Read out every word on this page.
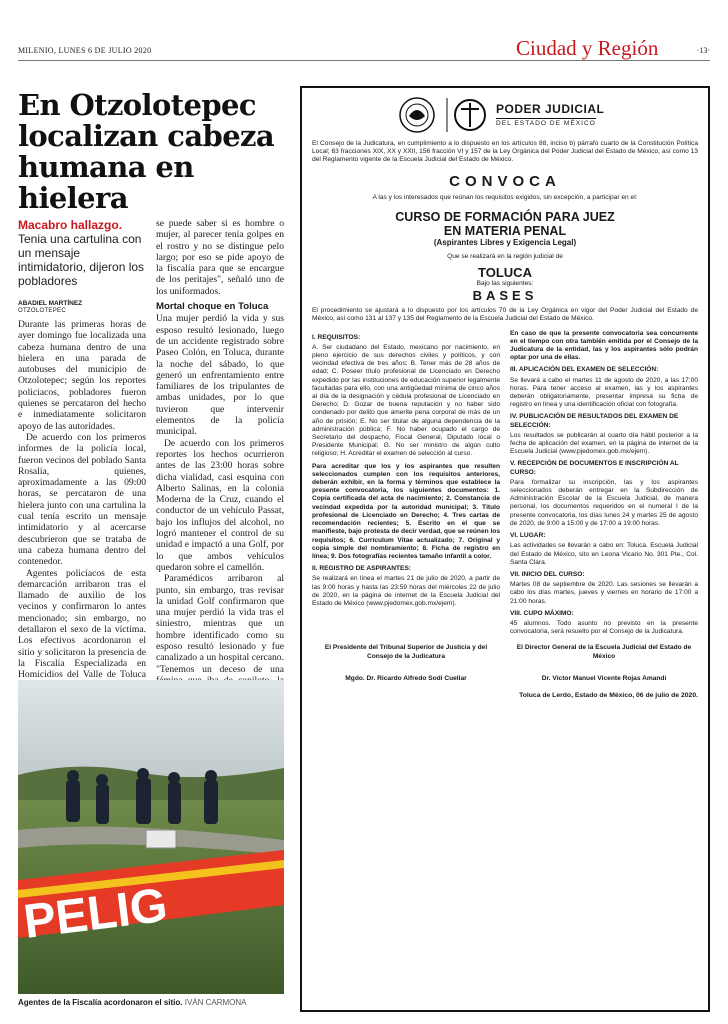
MILENIO, LUNES 6 DE JULIO 2020	Ciudad y Región	·13·
En Otzolotepec localizan cabeza humana en hielera
Macabro hallazgo.
Tenia una cartulina con un mensaje intimidatorio, dijeron los pobladores
ABADIEL MARTÍNEZ
OTZOLOTEPEC

Durante las primeras horas de ayer domingo fue localizada una cabeza humana dentro de una hielera en una parada de autobuses del municipio de Otzolotepec; según los reportes policiacos, pobladores fueron quienes se percataron del hecho e inmediatamente solicitaron apoyo de las autoridades.

De acuerdo con los primeros informes de la policía local, fueron vecinos del poblado Santa Rosalía, quienes, aproximadamente a las 09:00 horas, se percataron de una hielera junto con una cartulina la cual tenía escrito un mensaje intimidatorio y al acercarse descubrieron que se trataba de una cabeza humana dentro del contenedor.

Agentes policíacos de esta demarcación arribaron tras el llamado de auxilio de los vecinos y confirmaron lo antes mencionado; sin embargo, no detallaron el sexo de la víctima. Los efectivos acordonaron el sitio y solicitaron la presencia de la Fiscalía Especializada en Homicidios del Valle de Toluca

se puede saber si es hombre o mujer, al parecer tenía golpes en el rostro y no se distingue pelo largo; por eso se pide apoyo de la fiscalía para que se encargue de los peritajes", señaló uno de los uniformados.

Mortal choque en Toluca

Una mujer perdió la vida y sus esposo resultó lesionado, luego de un accidente registrado sobre Paseo Colón, en Toluca, durante la noche del sábado, lo que generó un enfrentamiento entre familiares de los tripulantes de ambas unidades, por lo que tuvieron que intervenir elementos de la policía municipal.

De acuerdo con los primeros reportes los hechos ocurrieron antes de las 23:00 horas sobre dicha vialidad, casi esquina con Alberto Salinas, en la colonia Moderna de la Cruz, cuando el conductor de un vehículo Passat, bajo los influjos del alcohol, no logró mantener el control de su unidad e impactó a una Golf, por lo que ambos vehículos quedaron sobre el camellón.

Paramédicos arribaron al punto, sin embargo, tras revisar la unidad Golf confirmaron que una mujer perdió la vida tras el siniestro, mientras que un hombre identificado como su esposo resultó lesionado y fue canalizado a un hospital cercano. "Tenemos un deceso de una

PELIG
Agentes de la Fiscalía acordonaron el sitio. IVÁN CARMONA
PODER JUDICIAL
DEL ESTADO DE MÉXICO

El Consejo de la Judicatura, en cumplimiento a lo dispuesto en los artículos 88, inciso b) párrafo cuarto de la Constitución Política Local; 63 fracciones XIX, XX y XXII, 156 fracción VI y 157 de la Ley Orgánica del Poder Judicial del Estado de México, así como 13 del Reglamento vigente de la Escuela Judicial del Estado de México.

CONVOCA

A las y los interesados que reúnan los requisitos exigidos, sin excepción, a participar en el:

CURSO DE FORMACIÓN PARA JUEZ
EN MATERIA PENAL
(Aspirantes Libres y Exigencia Legal)

Que se realizará en la región judicial de

TOLUCA

Bajo las siguientes:

BASES

El procedimiento se ajustará a lo dispuesto por los artículos 70 de la Ley Orgánica en vigor del Poder Judicial del Estado de México, así como 131 al 137 y 135 del Reglamento de la Escuela Judicial del Estado de México.

I. REQUISITOS:

A. Ser ciudadano del Estado, mexicano por nacimiento, en pleno ejercicio de sus derechos civiles y políticos, y con vecindad efectiva de tres años; B. Tener más de 28 años de edad; C. Poseer título profesional de Licenciado en Derecho expedido por las instituciones de educación superior legalmente facultadas para ello, con una antigüedad mínima de cinco años al día de la designación y cédula profesional de Licenciado en Derecho; D. Gozar de buena reputación y no haber sido condenado por delito que amerite pena corporal de más de un año de prisión; E. No ser titular de alguna dependencia de la administración pública; F. No haber ocupado el cargo de Secretario del despacho, Fiscal General, Diputado local o Presidente Municipal; G. No ser ministro de algún culto religioso; H. Acreditar el examen de selección al curso.

Para acreditar que los y los aspirantes que resulten seleccionados cumplen con los requisitos anteriores, deberán exhibir, en la forma y términos que establece la presente convocatoria, los siguientes documentos: 1. Copia certificada del acta de nacimiento; 2. Constancia de vecindad expedida por la autoridad municipal; 3. Título profesional de Licenciado en Derecho; 4. Tres cartas de recomendación recientes; 5. Escrito en el que se manifieste, bajo protesta de decir verdad, que se reúnen los requisitos; 6. Currículum Vitae actualizado; 7. Original y copia simple del nombramiento; 8. Ficha de registro en línea; 9. Dos fotografías recientes tamaño infantil a color.

II. REGISTRO DE ASPIRANTES:

Se realizará en línea el martes 21 de julio de 2020, a partir de las 9:00 horas y hasta las 23:59 horas del miércoles 22 de julio de 2020, en la página de internet de la Escuela Judicial del Estado de México (www.pjedomex.gob.mx/ejem).

En caso de que la presente convocatoria sea concurrente en el tiempo con otra también emitida por el Consejo de la Judicatura de la entidad, las y los aspirantes sólo podrán optar por una de ellas.

III. APLICACIÓN DEL EXAMEN DE SELECCIÓN:

Se llevará a cabo el martes 11 de agosto de 2020, a las 17:00 horas. Para tener acceso al examen, las y los aspirantes deberán obligatoriamente, presentar impresa su ficha de registro en línea y una identificación oficial con fotografía.

IV. PUBLICACIÓN DE RESULTADOS DEL EXAMEN DE SELECCIÓN:

Los resultados se publicarán al cuarto día hábil posterior a la fecha de aplicación del examen, en la página de internet de la Escuela Judicial (www.pjedomex.gob.mx/ejem).

V. RECEPCIÓN DE DOCUMENTOS E INSCRIPCIÓN AL CURSO:

Para formalizar su inscripción, las y los aspirantes seleccionados deberán entregar en la Subdirección de Administración Escolar de la Escuela Judicial, de manera personal, los documentos requeridos en el numeral I de la presente convocatoria, los días lunes 24 y martes 25 de agosto de 2020, de 9:00 a 15:00 y de 17:00 a 19:00 horas.

VI. LUGAR:

Las actividades se llevarán a cabo en: Toluca. Escuela Judicial del Estado de México, sito en Leona Vicario No. 301 Pte., Col. Santa Clara.

VII. INICIO DEL CURSO:

Martes 08 de septiembre de 2020. Las sesiones se llevarán a cabo los días martes, jueves y viernes en horario de 17:00 a 21:00 horas.

VIII. CUPO MÁXIMO:

45 alumnos. Todo asunto no previsto en la presente convocatoria, será resuelto por el Consejo de la Judicatura.

El Presidente del Tribunal Superior de Justicia y del Consejo de la Judicatura
Mgdo. Dr. Ricardo Alfredo Sodi Cuellar
El Director General de la Escuela Judicial del Estado de México
Dr. Víctor Manuel Vicente Rojas Amandi
Toluca de Lerdo, Estado de México, 06 de julio de 2020.
